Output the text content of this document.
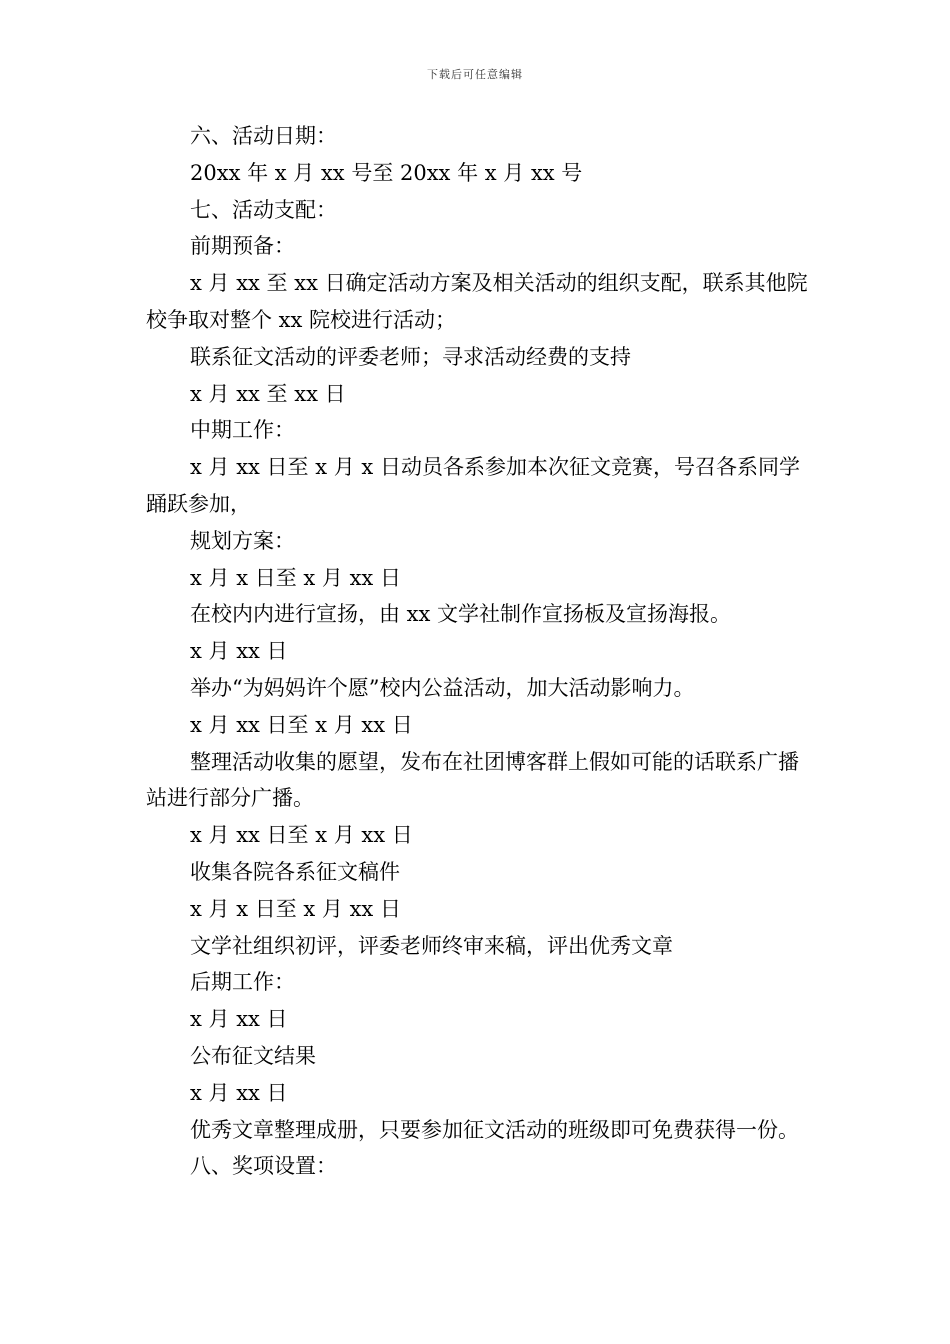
下载后可任意编辑

六、活动日期：

20xx 年 x 月 xx 号至 20xx 年 x 月 xx 号

七、活动支配：

前期预备：

x 月 xx 至 xx 日确定活动方案及相关活动的组织支配，联系其他院校争取对整个 xx 院校进行活动；

联系征文活动的评委老师；寻求活动经费的支持

x 月 xx 至 xx 日

中期工作：

x 月 xx 日至 x 月 x 日动员各系参加本次征文竞赛，号召各系同学踊跃参加，

规划方案：

x 月 x 日至 x 月 xx 日

在校内内进行宣扬，由 xx 文学社制作宣扬板及宣扬海报。

x 月 xx 日

举办“为妈妈许个愿”校内公益活动，加大活动影响力。

x 月 xx 日至 x 月 xx 日

整理活动收集的愿望，发布在社团博客群上假如可能的话联系广播站进行部分广播。

x 月 xx 日至 x 月 xx 日

收集各院各系征文稿件

x 月 x 日至 x 月 xx 日

文学社组织初评，评委老师终审来稿，评出优秀文章

后期工作：

x 月 xx 日

公布征文结果

x 月 xx 日

优秀文章整理成册，只要参加征文活动的班级即可免费获得一份。

八、奖项设置：
